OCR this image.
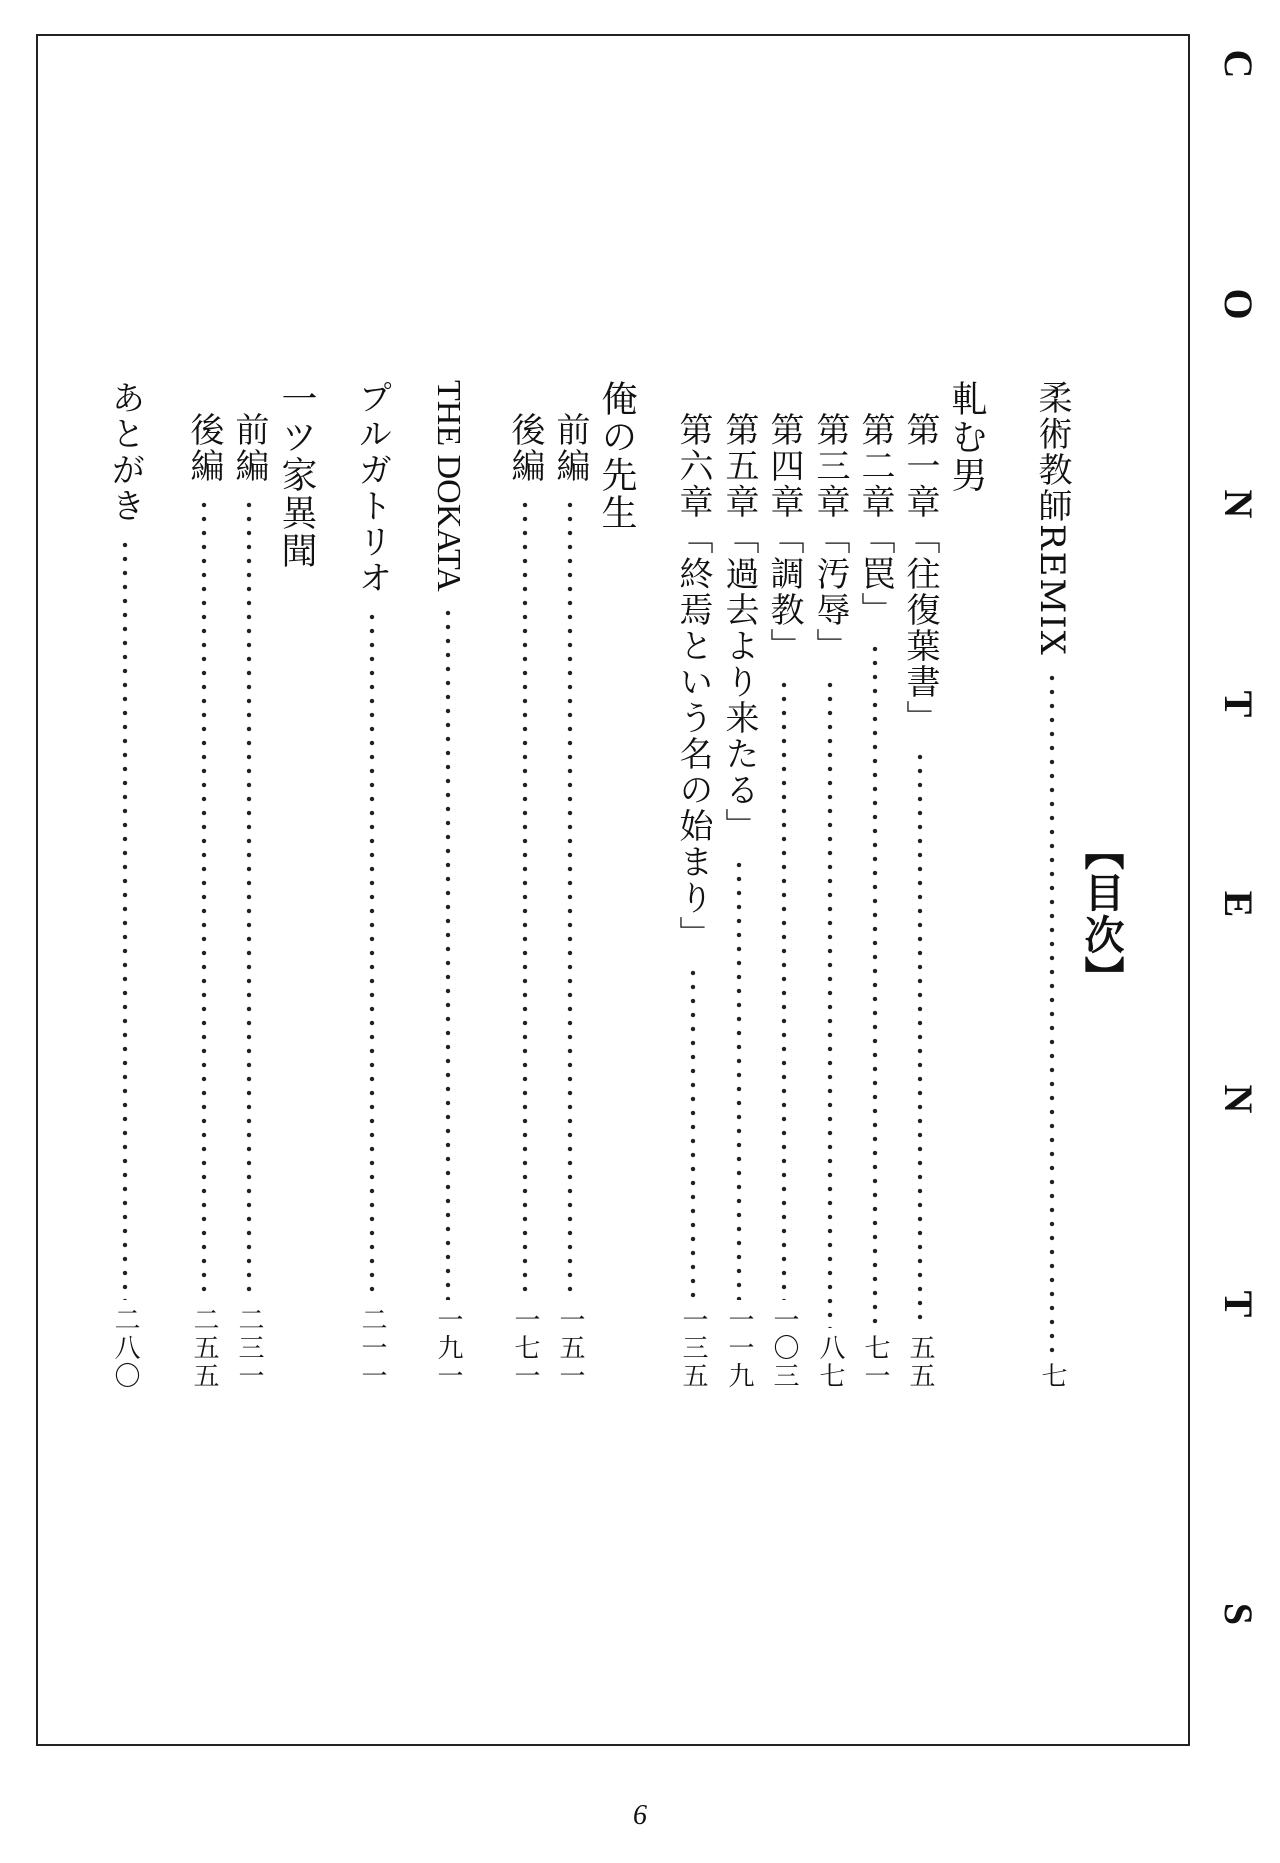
C
O
N
T
E
N
T
S
【目次】
柔術教師REMIX
七
軋む男
第一章「往復葉書」
五五
第二章「罠」
七一
第三章「汚辱」
八七
第四章「調教」
一〇三
第五章「過去より来たる」
一一九
第六章「終焉という名の始まり」
一三五
俺の先生
前編
一五一
後編
一七一
THE DOKATA
一九一
プルガトリオ
二一一
一ツ家異聞
前編
二三一
後編
二五五
あとがき
二八〇
6
